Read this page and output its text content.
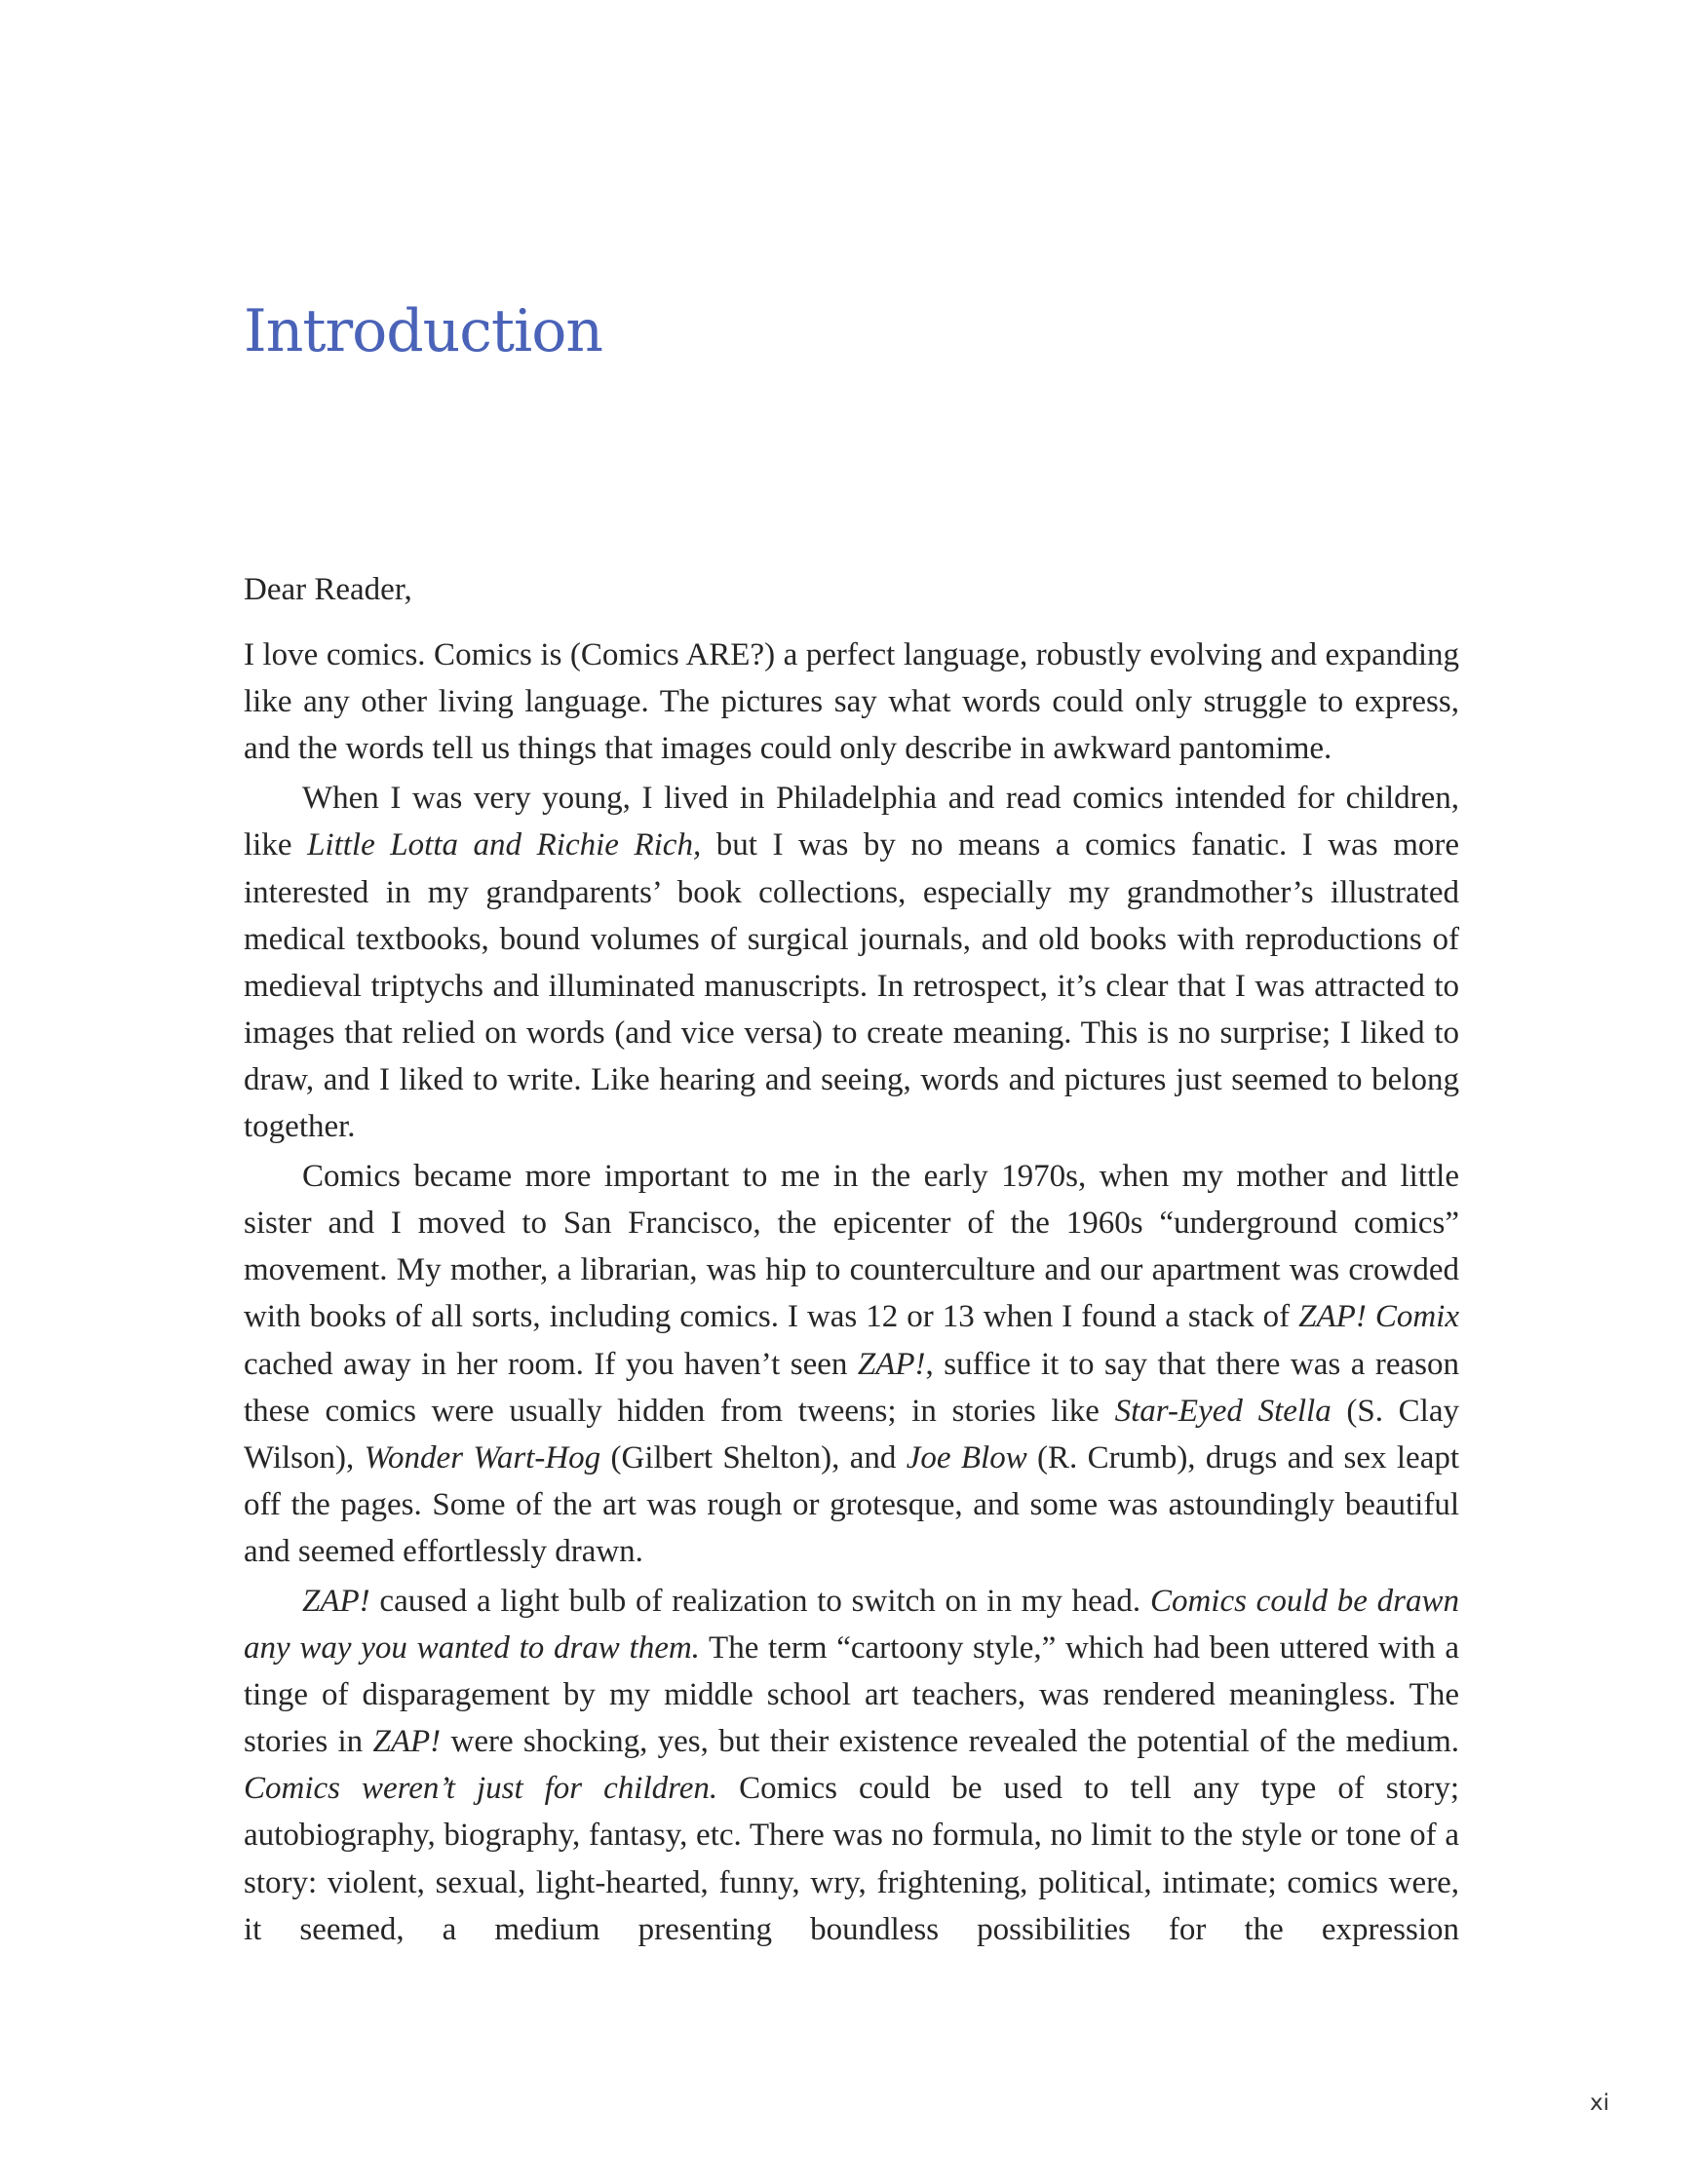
Introduction

Dear Reader,

I love comics. Comics is (Comics ARE?) a perfect language, robustly evolving and expanding like any other living language. The pictures say what words could only struggle to express, and the words tell us things that images could only describe in awkward pantomime.

When I was very young, I lived in Philadelphia and read comics intended for children, like Little Lotta and Richie Rich, but I was by no means a comics fanatic. I was more interested in my grandparents’ book collections, especially my grandmother’s illustrated medical textbooks, bound volumes of surgical journals, and old books with reproductions of medieval triptychs and illuminated manuscripts. In retrospect, it’s clear that I was attracted to images that relied on words (and vice versa) to create meaning. This is no surprise; I liked to draw, and I liked to write. Like hearing and seeing, words and pictures just seemed to belong together.

Comics became more important to me in the early 1970s, when my mother and little sister and I moved to San Francisco, the epicenter of the 1960s “underground comics” movement. My mother, a librarian, was hip to counterculture and our apartment was crowded with books of all sorts, including comics. I was 12 or 13 when I found a stack of ZAP! Comix cached away in her room. If you haven’t seen ZAP!, suffice it to say that there was a reason these comics were usually hidden from tweens; in stories like Star-Eyed Stella (S. Clay Wilson), Wonder Wart-Hog (Gilbert Shelton), and Joe Blow (R. Crumb), drugs and sex leapt off the pages. Some of the art was rough or grotesque, and some was astoundingly beautiful and seemed effortlessly drawn.

ZAP! caused a light bulb of realization to switch on in my head. Comics could be drawn any way you wanted to draw them. The term “cartoony style,” which had been uttered with a tinge of disparagement by my middle school art teachers, was rendered meaningless. The stories in ZAP! were shocking, yes, but their existence revealed the potential of the medium. Comics weren’t just for children. Comics could be used to tell any type of story; autobiography, biography, fantasy, etc. There was no formula, no limit to the style or tone of a story: violent, sexual, light-hearted, funny, wry, frightening, political, intimate; comics were, it seemed, a medium presenting boundless possibilities for the expression

xi
